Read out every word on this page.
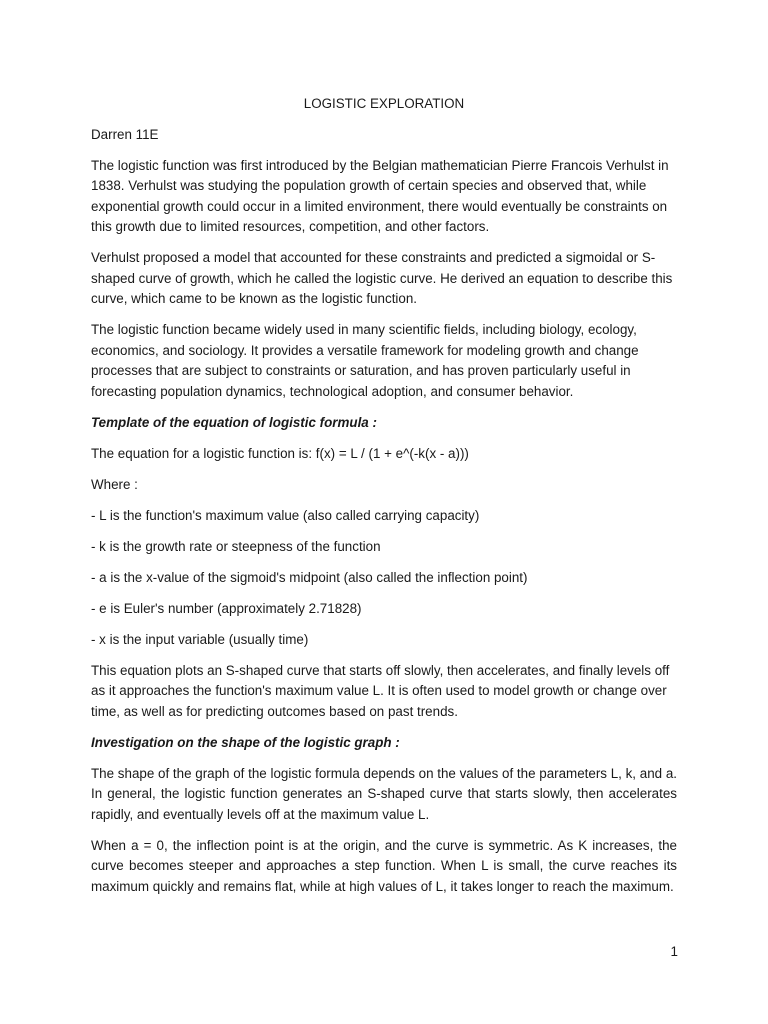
LOGISTIC EXPLORATION
Darren 11E
The logistic function was first introduced by the Belgian mathematician Pierre Francois Verhulst in 1838. Verhulst was studying the population growth of certain species and observed that, while exponential growth could occur in a limited environment, there would eventually be constraints on this growth due to limited resources, competition, and other factors.
Verhulst proposed a model that accounted for these constraints and predicted a sigmoidal or S-shaped curve of growth, which he called the logistic curve. He derived an equation to describe this curve, which came to be known as the logistic function.
The logistic function became widely used in many scientific fields, including biology, ecology, economics, and sociology. It provides a versatile framework for modeling growth and change processes that are subject to constraints or saturation, and has proven particularly useful in forecasting population dynamics, technological adoption, and consumer behavior.
Template of the equation of logistic formula :
The equation for a logistic function is: f(x) = L / (1 + e^(-k(x - a)))
Where :
- L is the function's maximum value (also called carrying capacity)
- k is the growth rate or steepness of the function
- a is the x-value of the sigmoid's midpoint (also called the inflection point)
- e is Euler's number (approximately 2.71828)
- x is the input variable (usually time)
This equation plots an S-shaped curve that starts off slowly, then accelerates, and finally levels off as it approaches the function's maximum value L. It is often used to model growth or change over time, as well as for predicting outcomes based on past trends.
Investigation on the shape of the logistic graph :
The shape of the graph of the logistic formula depends on the values of the parameters L, k, and a. In general, the logistic function generates an S-shaped curve that starts slowly, then accelerates rapidly, and eventually levels off at the maximum value L.
When a = 0, the inflection point is at the origin, and the curve is symmetric. As K increases, the curve becomes steeper and approaches a step function. When L is small, the curve reaches its maximum quickly and remains flat, while at high values of L, it takes longer to reach the maximum.
1
